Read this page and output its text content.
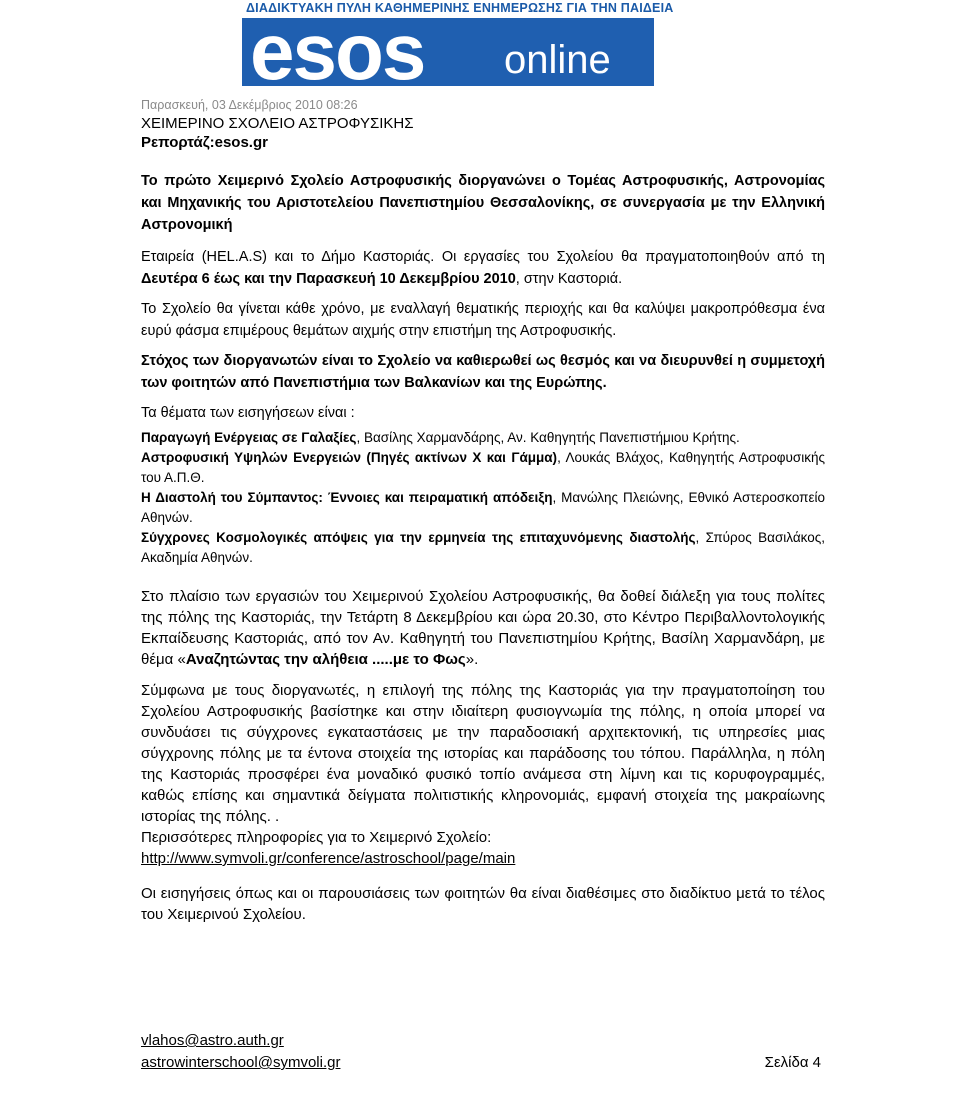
ΔΙΑΔΙΚΤΥΑΚΗ ΠΥΛΗ ΚΑΘΗΜΕΡΙΝΗΣ ΕΝΗΜΕΡΩΣΗΣ ΓΙΑ ΤΗΝ ΠΑΙΔΕΙΑ
esos online
Παρασκευή, 03 Δεκέμβριος 2010 08:26
ΧΕΙΜΕΡΙΝΟ ΣΧΟΛΕΙΟ ΑΣΤΡΟΦΥΣΙΚΗΣ
Ρεπορτάζ:esos.gr

Το πρώτο Χειμερινό Σχολείο Αστροφυσικής διοργανώνει ο Τομέας Αστροφυσικής, Αστρονομίας και Μηχανικής του Αριστοτελείου Πανεπιστημίου Θεσσαλονίκης, σε συνεργασία με την Ελληνική Αστρονομική

Εταιρεία (HEL.A.S) και το Δήμο Καστοριάς. Οι εργασίες του Σχολείου θα πραγματοποιηθούν από τη Δευτέρα 6 έως και την Παρασκευή 10 Δεκεμβρίου 2010, στην Καστοριά.

Το Σχολείο θα γίνεται κάθε χρόνο, με εναλλαγή θεματικής περιοχής και θα καλύψει μακροπρόθεσμα ένα ευρύ φάσμα επιμέρους θεμάτων αιχμής στην επιστήμη της Αστροφυσικής.

Στόχος των διοργανωτών είναι το Σχολείο να καθιερωθεί ως θεσμός και να διευρυνθεί η συμμετοχή των φοιτητών από Πανεπιστήμια των Βαλκανίων και της Ευρώπης.

Τα θέματα των εισηγήσεων είναι :

Παραγωγή Ενέργειας σε Γαλαξίες, Βασίλης Χαρμανδάρης, Αν. Καθηγητής Πανεπιστήμιου Κρήτης.

Αστροφυσική Υψηλών Ενεργειών (Πηγές ακτίνων Χ και Γάμμα), Λουκάς Βλάχος, Καθηγητής Αστροφυσικής του Α.Π.Θ.

Η Διαστολή του Σύμπαντος: Έννοιες και πειραματική απόδειξη, Μανώλης Πλειώνης, Εθνικό Αστεροσκοπείο Αθηνών.

Σύγχρονες Κοσμολογικές απόψεις για την ερμηνεία της επιταχυνόμενης διαστολής, Σπύρος Βασιλάκος, Ακαδημία Αθηνών.

Στο πλαίσιο των εργασιών του Χειμερινού Σχολείου Αστροφυσικής, θα δοθεί διάλεξη για τους πολίτες της πόλης της Καστοριάς, την Τετάρτη 8 Δεκεμβρίου και ώρα 20.30, στο Κέντρο Περιβαλλοντολογικής Εκπαίδευσης Καστοριάς, από τον Αν. Καθηγητή του Πανεπιστημίου Κρήτης, Βασίλη Χαρμανδάρη, με θέμα «Αναζητώντας την αλήθεια .....με το Φως».

Σύμφωνα με τους διοργανωτές, η επιλογή της πόλης της Καστοριάς για την πραγματοποίηση του Σχολείου Αστροφυσικής βασίστηκε και στην ιδιαίτερη φυσιογνωμία της πόλης, η οποία μπορεί να συνδυάσει τις σύγχρονες εγκαταστάσεις με την παραδοσιακή αρχιτεκτονική, τις υπηρεσίες μιας σύγχρονης πόλης με τα έντονα στοιχεία της ιστορίας και παράδοσης του τόπου. Παράλληλα, η πόλη της Καστοριάς προσφέρει ένα μοναδικό φυσικό τοπίο ανάμεσα στη λίμνη και τις κορυφογραμμές, καθώς επίσης και σημαντικά δείγματα πολιτιστικής κληρονομιάς, εμφανή στοιχεία της μακραίωνης ιστορίας της πόλης. .

Περισσότερες πληροφορίες για το Χειμερινό Σχολείο:
http://www.symvoli.gr/conference/astroschool/page/main

Οι εισηγήσεις όπως και οι παρουσιάσεις των φοιτητών θα είναι διαθέσιμες στο διαδίκτυο μετά το τέλος του Χειμερινού Σχολείου.

vlahos@astro.auth.gr
astrowinterschool@symvoli.gr	Σελίδα 4
